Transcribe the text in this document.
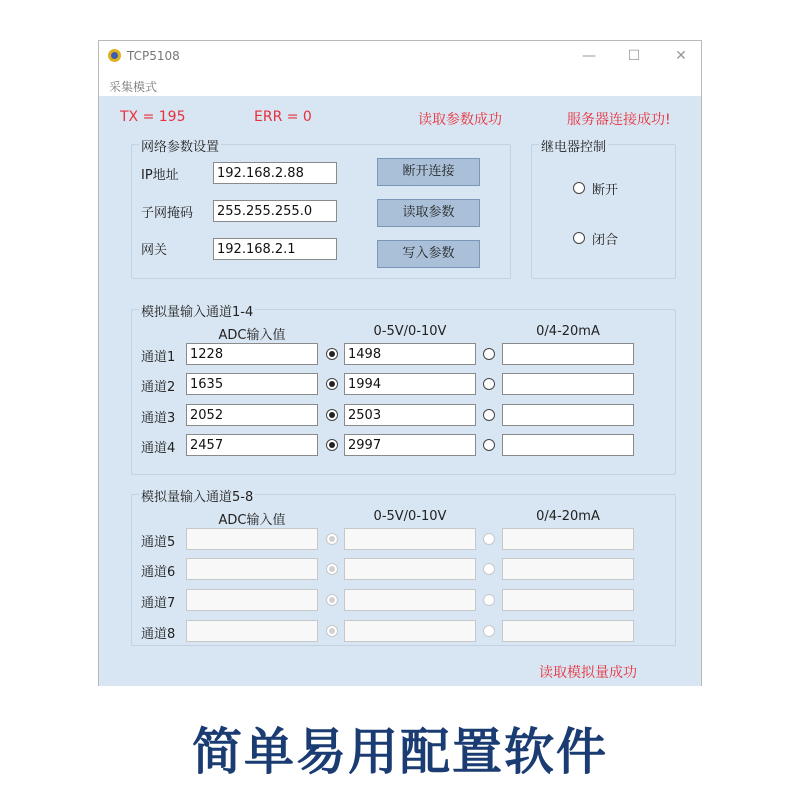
TCP5108	—	☐	✕
采集模式
TX = 195	ERR = 0	读取参数成功	服务器连接成功!
网络参数设置
IP地址	192.168.2.88
子网掩码	255.255.255.0
网关	192.168.2.1
断开连接
读取参数
写入参数
继电器控制
断开
闭合
模拟量输入通道1-4
ADC输入值	0-5V/0-10V	0/4-20mA
通道1	1228	1498
通道2	1635	1994
通道3	2052	2503
通道4	2457	2997
模拟量输入通道5-8
ADC输入值	0-5V/0-10V	0/4-20mA
通道5
通道6
通道7
通道8
读取模拟量成功
简单易用配置软件
